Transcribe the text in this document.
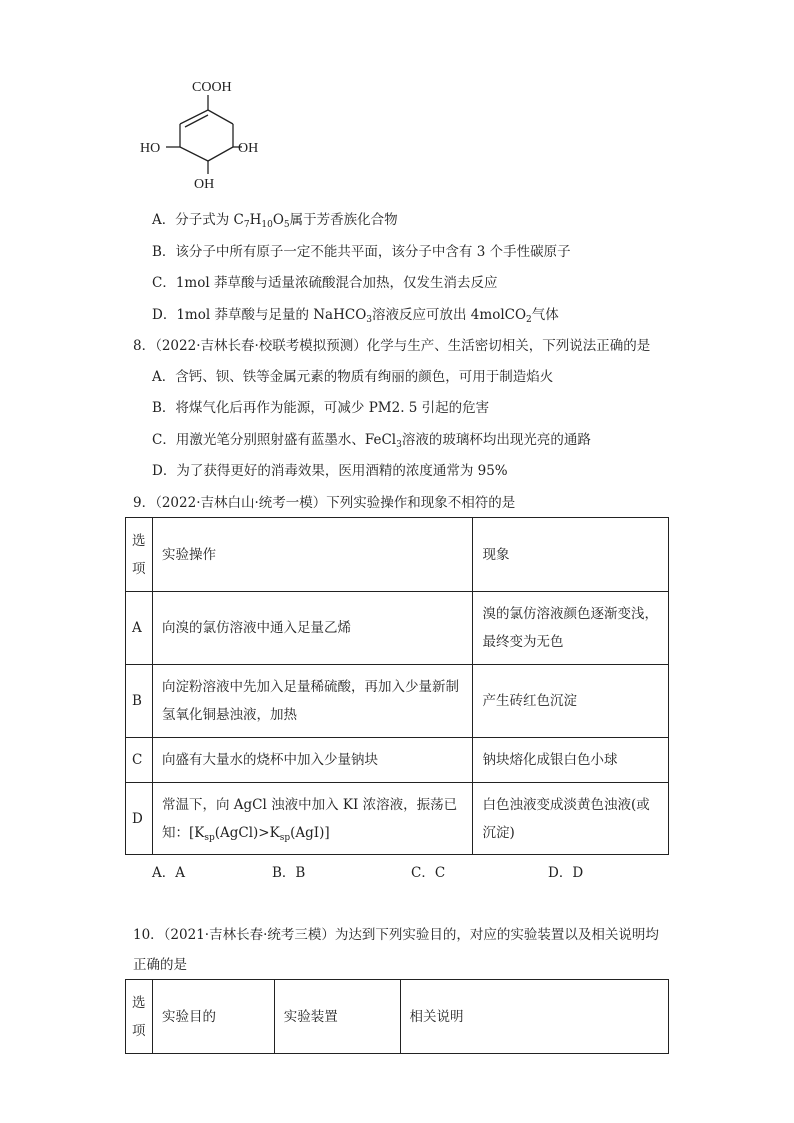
COOH
HO	OH
OH
A．分子式为 $C_7H_{10}O_5$属于芳香族化合物
B．该分子中所有原子一定不能共平面，该分子中含有 3 个手性碳原子
C．1mol 莽草酸与适量浓硫酸混合加热，仅发生消去反应
D．1mol 莽草酸与足量的 NaHCO$_3$溶液反应可放出 4molCO$_2$气体
8．（2022·吉林长春·校联考模拟预测）化学与生产、生活密切相关，下列说法正确的是
A．含钙、钡、铁等金属元素的物质有绚丽的颜色，可用于制造焰火
B．将煤气化后再作为能源，可减少 PM2. 5 引起的危害
C．用激光笔分别照射盛有蓝墨水、FeCl$_3$溶液的玻璃杯均出现光亮的通路
D．为了获得更好的消毒效果，医用酒精的浓度通常为 95%
9．（2022·吉林白山·统考一模）下列实验操作和现象不相符的是
选
项	实验操作	现象
A	向溴的氯仿溶液中通入足量乙烯	溴的氯仿溶液颜色逐渐变浅，
最终变为无色
B	向淀粉溶液中先加入足量稀硫酸，再加入少量新制
氢氧化铜悬浊液，加热	产生砖红色沉淀
C	向盛有大量水的烧杯中加入少量钠块	钠块熔化成银白色小球
D	常温下，向 AgCl 浊液中加入 KI 浓溶液，振荡已
知：$[K_{sp}(AgCl)>K_{sp}(AgI)]$	白色浊液变成淡黄色浊液(或
沉淀)
A．A	B．B	C．C	D．D
10．（2021·吉林长春·统考三模）为达到下列实验目的，对应的实验装置以及相关说明均
正确的是
选
项	实验目的	实验装置	相关说明
